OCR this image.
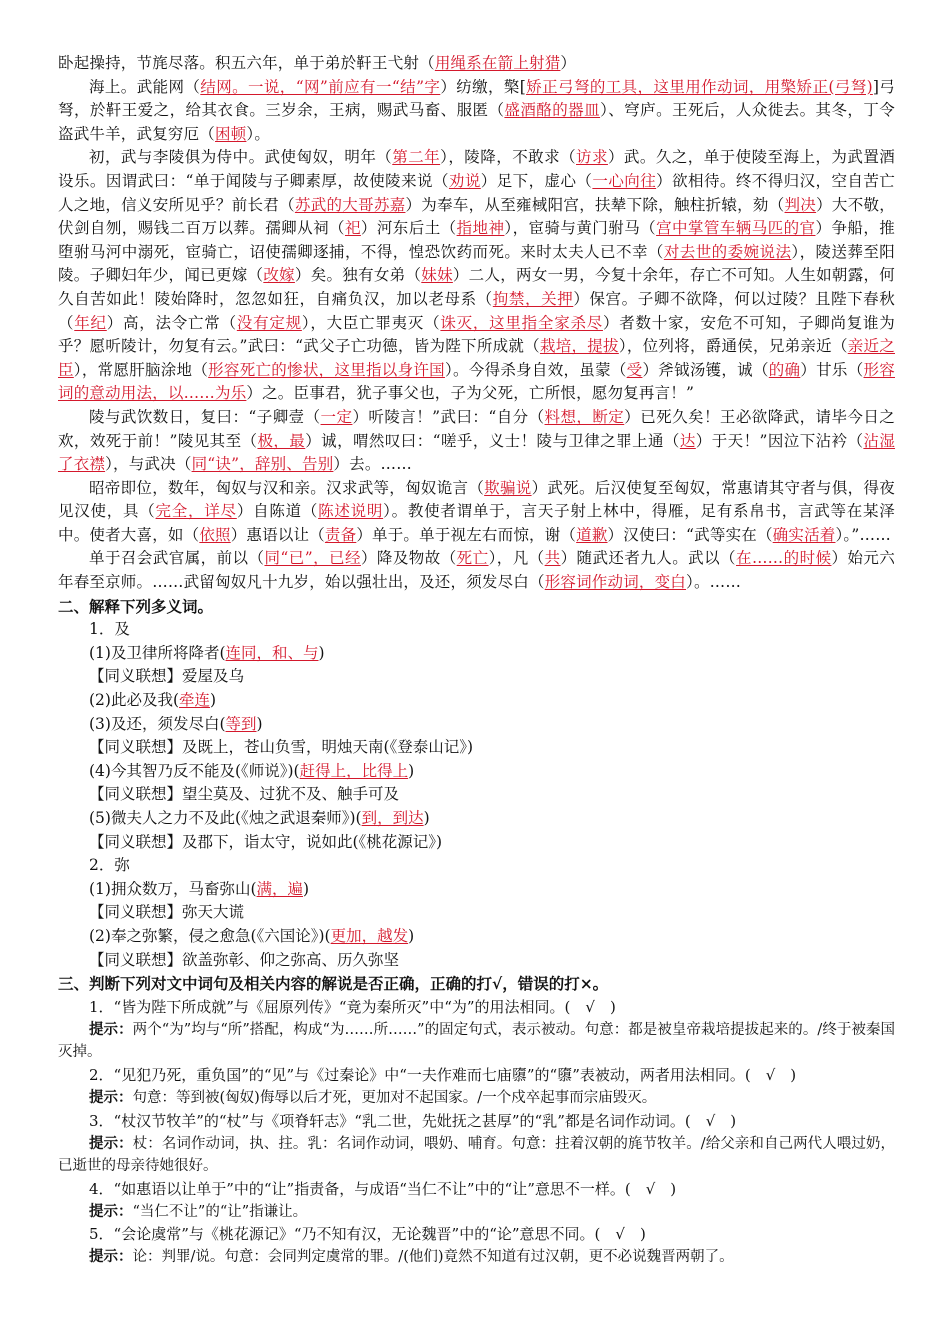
卧起操持，节旄尽落。积五六年，单于弟於靬王弋射（用绳系在箭上射猎）

海上。武能网（结网。一说，“网”前应有一“结”字）纺缴，檠[矫正弓弩的工具，这里用作动词，用檠矫正(弓弩)]弓弩，於靬王爱之，给其衣食。三岁余，王病，赐武马畜、服匿（盛酒酪的器皿）、穹庐。王死后，人众徙去。其冬，丁令盗武牛羊，武复穷厄（困顿）。

初，武与李陵俱为侍中。武使匈奴，明年（第二年），陵降，不敢求（访求）武。久之，单于使陵至海上，为武置酒设乐。因谓武曰：“单于闻陵与子卿素厚，故使陵来说（劝说）足下，虚心（一心向往）欲相待。终不得归汉，空自苦亡人之地，信义安所见乎？前长君（苏武的大哥苏嘉）为奉车，从至雍棫阳宫，扶辇下除，触柱折辕，劾（判决）大不敬，伏剑自刎，赐钱二百万以葬。孺卿从祠（祀）河东后土（指地神），宦骑与黄门驸马（宫中掌管车辆马匹的官）争船，推堕驸马河中溺死，宦骑亡，诏使孺卿逐捕，不得，惶恐饮药而死。来时太夫人已不幸（对去世的委婉说法），陵送葬至阳陵。子卿妇年少，闻已更嫁（改嫁）矣。独有女弟（妹妹）二人，两女一男，今复十余年，存亡不可知。人生如朝露，何久自苦如此！陵始降时，忽忽如狂，自痛负汉，加以老母系（拘禁，关押）保宫。子卿不欲降，何以过陵？且陛下春秋（年纪）高，法令亡常（没有定规），大臣亡罪夷灭（诛灭，这里指全家杀尽）者数十家，安危不可知，子卿尚复谁为乎？愿听陵计，勿复有云。”武曰：“武父子亡功德，皆为陛下所成就（栽培，提拔），位列将，爵通侯，兄弟亲近（亲近之臣），常愿肝脑涂地（形容死亡的惨状，这里指以身许国）。今得杀身自效，虽蒙（受）斧钺汤镬，诚（的确）甘乐（形容词的意动用法，以……为乐）之。臣事君，犹子事父也，子为父死，亡所恨，愿勿复再言！”

陵与武饮数日，复曰：“子卿壹（一定）听陵言！”武曰：“自分（料想，断定）已死久矣！王必欲降武，请毕今日之欢，效死于前！”陵见其至（极，最）诚，喟然叹曰：“嗟乎，义士！陵与卫律之罪上通（达）于天！”因泣下沾衿（沾湿了衣襟），与武决（同“诀”，辞别、告别）去。……

昭帝即位，数年，匈奴与汉和亲。汉求武等，匈奴诡言（欺骗说）武死。后汉使复至匈奴，常惠请其守者与俱，得夜见汉使，具（完全，详尽）自陈道（陈述说明）。教使者谓单于，言天子射上林中，得雁，足有系帛书，言武等在某泽中。使者大喜，如（依照）惠语以让（责备）单于。单于视左右而惊，谢（道歉）汉使曰：“武等实在（确实活着）。”……

单于召会武官属，前以（同“已”，已经）降及物故（死亡），凡（共）随武还者九人。武以（在……的时候）始元六年春至京师。……武留匈奴凡十九岁，始以强壮出，及还，须发尽白（形容词作动词，变白）。……

二、解释下列多义词。

1．及

(1)及卫律所将降者(连同，和、与)

【同义联想】爱屋及乌

(2)此必及我(牵连)

(3)及还，须发尽白(等到)

【同义联想】及既上，苍山负雪，明烛天南(《登泰山记》)

(4)今其智乃反不能及(《师说》)(赶得上，比得上)

【同义联想】望尘莫及、过犹不及、触手可及

(5)微夫人之力不及此(《烛之武退秦师》)(到，到达)

【同义联想】及郡下，诣太守，说如此(《桃花源记》)

2．弥

(1)拥众数万，马畜弥山(满，遍)

【同义联想】弥天大谎

(2)奉之弥繁，侵之愈急(《六国论》)(更加，越发)

【同义联想】欲盖弥彰、仰之弥高、历久弥坚

三、判断下列对文中词句及相关内容的解说是否正确，正确的打√，错误的打×。

1．“皆为陛下所成就”与《屈原列传》“竟为秦所灭”中“为”的用法相同。(　√　)

提示：两个“为”均与“所”搭配，构成“为……所……”的固定句式，表示被动。句意：都是被皇帝栽培提拔起来的。/终于被秦国灭掉。

2．“见犯乃死，重负国”的“见”与《过秦论》中“一夫作难而七庙隳”的“隳”表被动，两者用法相同。(　√　)

提示：句意：等到被(匈奴)侮辱以后才死，更加对不起国家。/一个戍卒起事而宗庙毁灭。

3．“杖汉节牧羊”的“杖”与《项脊轩志》“乳二世，先妣抚之甚厚”的“乳”都是名词作动词。(　√　)

提示：杖：名词作动词，执、拄。乳：名词作动词，喂奶、哺育。句意：拄着汉朝的旄节牧羊。/给父亲和自己两代人喂过奶，已逝世的母亲待她很好。

4．“如惠语以让单于”中的“让”指责备，与成语“当仁不让”中的“让”意思不一样。(　√　)

提示：“当仁不让”的“让”指谦让。

5．“会论虞常”与《桃花源记》“乃不知有汉，无论魏晋”中的“论”意思不同。(　√　)

提示：论：判罪/说。句意：会同判定虞常的罪。/(他们)竟然不知道有过汉朝，更不必说魏晋两朝了。
